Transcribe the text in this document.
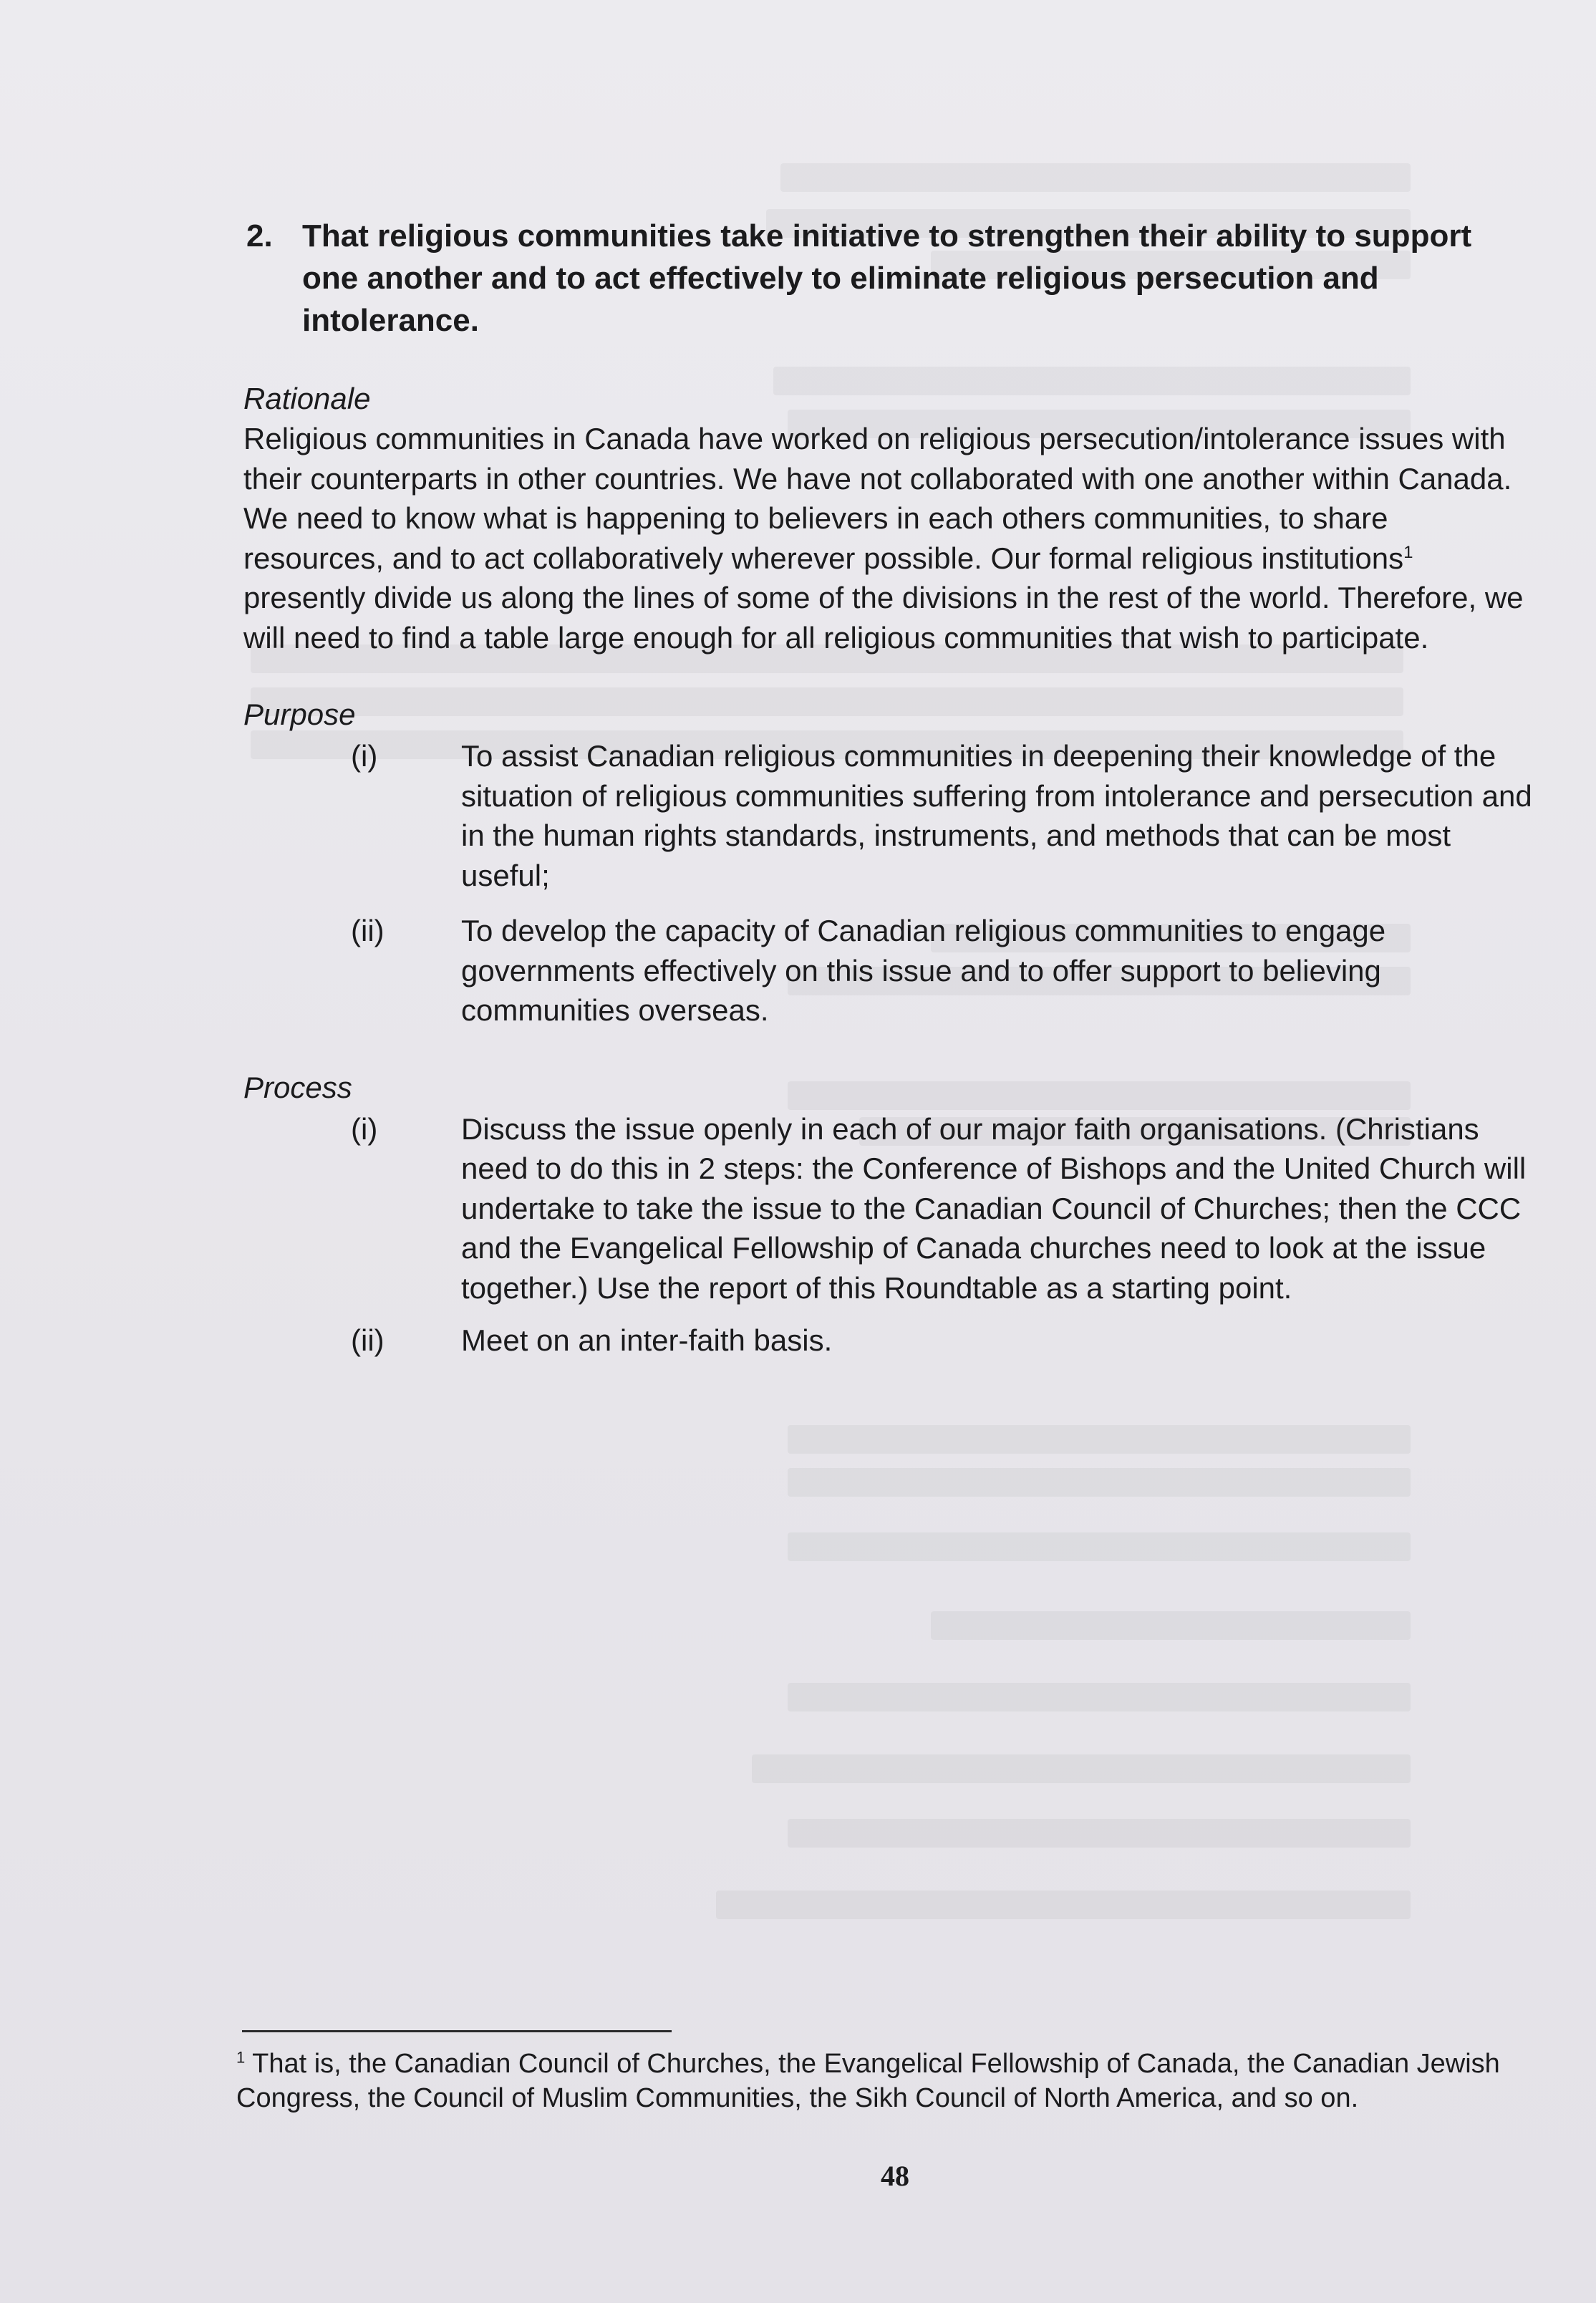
2. That religious communities take initiative to strengthen their ability to support one another and to act effectively to eliminate religious persecution and intolerance.
Rationale
Religious communities in Canada have worked on religious persecution/intolerance issues with their counterparts in other countries. We have not collaborated with one another within Canada. We need to know what is happening to believers in each others communities, to share resources, and to act collaboratively wherever possible. Our formal religious institutions$^1$ presently divide us along the lines of some of the divisions in the rest of the world. Therefore, we will need to find a table large enough for all religious communities that wish to participate.
Purpose
(i)	To assist Canadian religious communities in deepening their knowledge of the situation of religious communities suffering from intolerance and persecution and in the human rights standards, instruments, and methods that can be most useful;
(ii)	To develop the capacity of Canadian religious communities to engage governments effectively on this issue and to offer support to believing communities overseas.
Process
(i)	Discuss the issue openly in each of our major faith organisations. (Christians need to do this in 2 steps: the Conference of Bishops and the United Church will undertake to take the issue to the Canadian Council of Churches; then the CCC and the Evangelical Fellowship of Canada churches need to look at the issue together.) Use the report of this Roundtable as a starting point.
(ii)	Meet on an inter-faith basis.
$^1$ That is, the Canadian Council of Churches, the Evangelical Fellowship of Canada, the Canadian Jewish Congress, the Council of Muslim Communities, the Sikh Council of North America, and so on.
48
